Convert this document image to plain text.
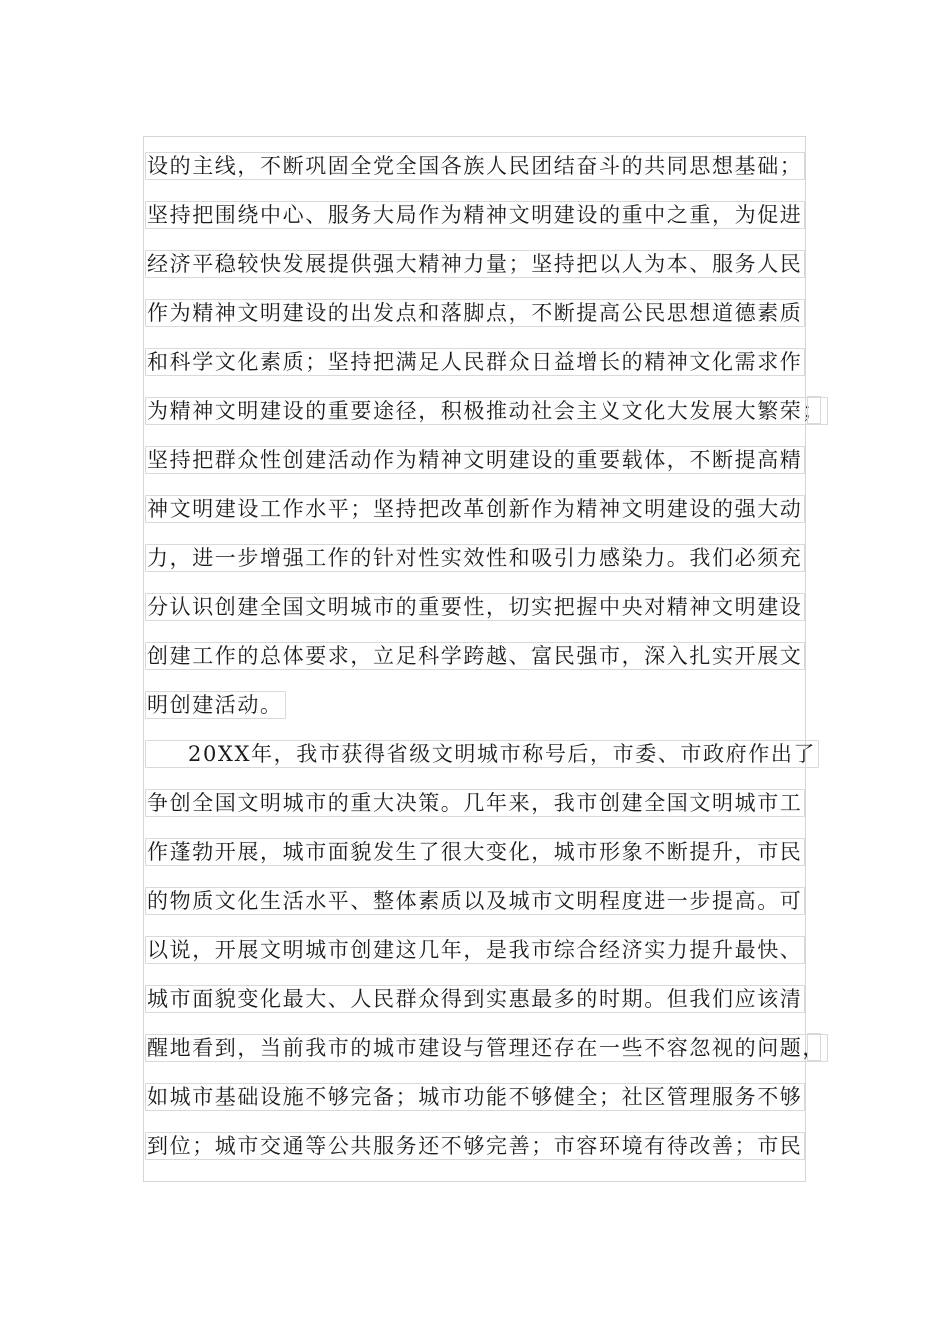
设的主线，不断巩固全党全国各族人民团结奋斗的共同思想基础；
坚持把围绕中心、服务大局作为精神文明建设的重中之重，为促进
经济平稳较快发展提供强大精神力量；坚持把以人为本、服务人民
作为精神文明建设的出发点和落脚点，不断提高公民思想道德素质
和科学文化素质；坚持把满足人民群众日益增长的精神文化需求作
为精神文明建设的重要途径，积极推动社会主义文化大发展大繁荣；
坚持把群众性创建活动作为精神文明建设的重要载体，不断提高精
神文明建设工作水平；坚持把改革创新作为精神文明建设的强大动
力，进一步增强工作的针对性实效性和吸引力感染力。我们必须充
分认识创建全国文明城市的重要性，切实把握中央对精神文明建设
创建工作的总体要求，立足科学跨越、富民强市，深入扎实开展文
明创建活动。
20XX年，我市获得省级文明城市称号后，市委、市政府作出了
争创全国文明城市的重大决策。几年来，我市创建全国文明城市工
作蓬勃开展，城市面貌发生了很大变化，城市形象不断提升，市民
的物质文化生活水平、整体素质以及城市文明程度进一步提高。可
以说，开展文明城市创建这几年，是我市综合经济实力提升最快、
城市面貌变化最大、人民群众得到实惠最多的时期。但我们应该清
醒地看到，当前我市的城市建设与管理还存在一些不容忽视的问题，
如城市基础设施不够完备；城市功能不够健全；社区管理服务不够
到位；城市交通等公共服务还不够完善；市容环境有待改善；市民
